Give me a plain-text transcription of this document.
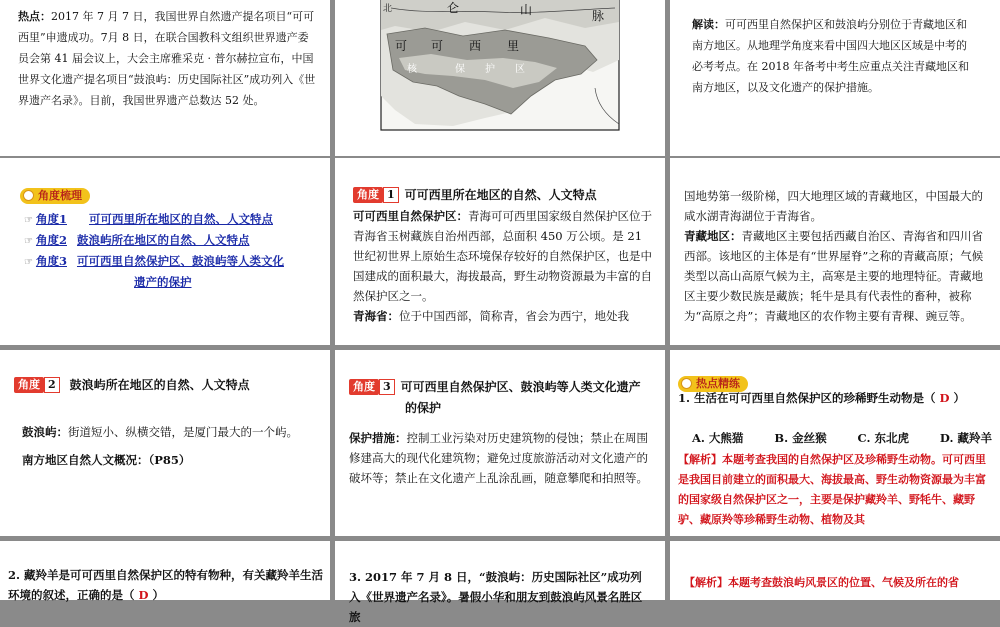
热点：2017 年 7 月 7 日，我国世界自然遗产提名项目“可可西里”申遗成功。7月 8 日，在联合国教科文组织世界遗产委员会第 41 届会议上，大会主席雅采克 · 普尔赫拉宣布，中国世界文化遗产提名项目“鼓浪屿：历史国际社区”成功列入《世界遗产名录》。目前，我国世界遗产总数达 52 处。
北	仑	山	脉
可 可 西 里
核	保 护 区
解读：可可西里自然保护区和鼓浪屿分别位于青藏地区和南方地区。从地理学角度来看中国四大地区区域是中考的必考考点。在 2018 年备考中考生应重点关注青藏地区和南方地区，以及文化遗产的保护措施。
角度梳理
☞ 角度1 可可西里所在地区的自然、人文特点
☞ 角度2 鼓浪屿所在地区的自然、人文特点
☞ 角度3 可可西里自然保护区、鼓浪屿等人类文化
遗产的保护
角度 1 可可西里所在地区的自然、人文特点
可可西里自然保护区：青海可可西里国家级自然保护区位于青海省玉树藏族自治州西部，总面积 450 万公顷。是 21 世纪初世界上原始生态环境保存较好的自然保护区，也是中国建成的面积最大，海拔最高，野生动物资源最为丰富的自然保护区之一。
青海省：位于中国西部，简称青，省会为西宁，地处我
国地势第一级阶梯，四大地理区域的青藏地区，中国最大的咸水湖青海湖位于青海省。
青藏地区：青藏地区主要包括西藏自治区、青海省和四川省西部。该地区的主体是有“世界屋脊”之称的青藏高原；气候类型以高山高原气候为主，高寒是主要的地理特征。青藏地区主要少数民族是藏族；牦牛是具有代表性的畜种，被称为“高原之舟”；青藏地区的农作物主要有青稞、豌豆等。
角度 2 鼓浪屿所在地区的自然、人文特点
鼓浪屿：街道短小、纵横交错，是厦门最大的一个屿。
南方地区自然人文概况：（P85）
角度 3 可可西里自然保护区、鼓浪屿等人类文化遗产
的保护
保护措施：控制工业污染对历史建筑物的侵蚀；禁止在周围修建高大的现代化建筑物；避免过度旅游活动对文化遗产的破坏等；禁止在文化遗产上乱涂乱画，随意攀爬和拍照等。
热点精练
1. 生活在可可西里自然保护区的珍稀野生动物是（ D ）
A. 大熊猫	B. 金丝猴	C. 东北虎	D. 藏羚羊
【解析】本题考查我国的自然保护区及珍稀野生动物。可可西里是我国目前建立的面积最大、海拔最高、野生动物资源最为丰富的国家级自然保护区之一，主要是保护藏羚羊、野牦牛、藏野驴、藏原羚等珍稀野生动物、植物及其
2. 藏羚羊是可可西里自然保护区的特有物种，有关藏羚羊生活环境的叙述，正确的是（ D ）
3. 2017 年 7 月 8 日，“鼓浪屿：历史国际社区”成功列入《世界遗产名录》。暑假小华和朋友到鼓浪屿风景名胜区旅
【解析】本题考查鼓浪屿风景区的位置、气候及所在的省
